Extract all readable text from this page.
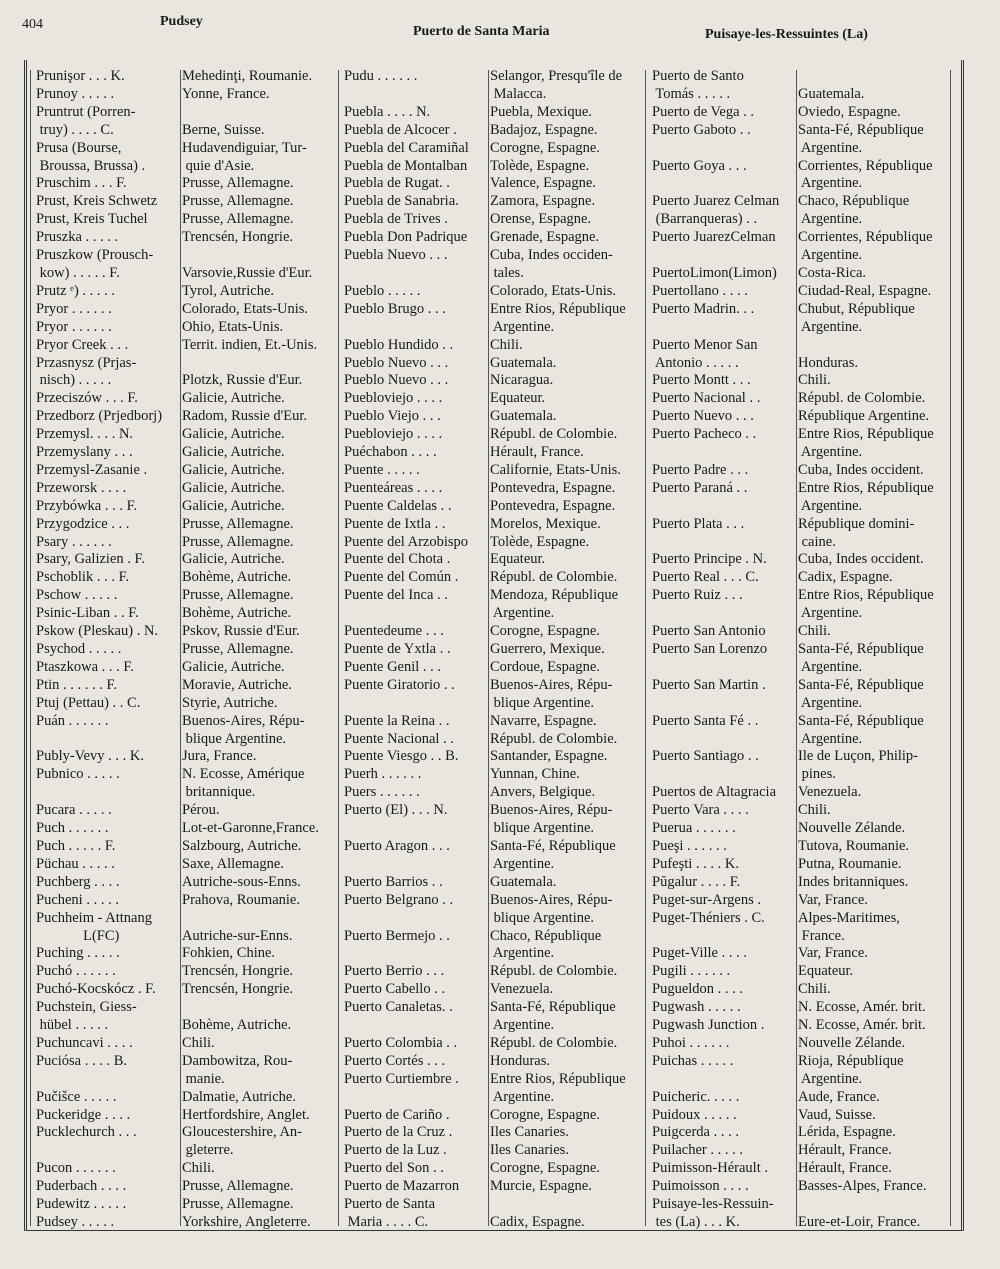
404	Pudsey
Puerto de Santa Maria	Puisaye-les-Ressuintes (La)
Prunişor . . . K.	Mehedinţi, Roumanie.
Prunoy . . . . .	Yonne, France.
Pruntrut (Porren-
truy) . . . . C.	Berne, Suisse.
Prusa (Bourse,	Hudavendiguiar, Tur-
Broussa, Brussa) .	quie d'Asie.
Pruschim . . . F.	Prusse, Allemagne.
Prust, Kreis Schwetz	Prusse, Allemagne.
Prust, Kreis Tuchel	Prusse, Allemagne.
Pruszka . . . . .	Trencsén, Hongrie.
Pruszkow (Prousch-
kow) . . . . . F.	Varsovie,Russie d'Eur.
Prutz ᵉ) . . . . .	Tyrol, Autriche.
Pryor . . . . . .	Colorado, Etats-Unis.
Pryor . . . . . .	Ohio, Etats-Unis.
Pryor Creek . . .	Territ. indien, Et.-Unis.
Przasnysz (Prjas-
nisch) . . . . .	Plotzk, Russie d'Eur.
Przeciszów . . . F.	Galicie, Autriche.
Przedborz (Prjedborj)	Radom, Russie d'Eur.
Przemysl. . . . N.	Galicie, Autriche.
Przemyslany . . .	Galicie, Autriche.
Przemysl-Zasanie .	Galicie, Autriche.
Przeworsk . . . .	Galicie, Autriche.
Przybówka . . . F.	Galicie, Autriche.
Przygodzice . . .	Prusse, Allemagne.
Psary . . . . . .	Prusse, Allemagne.
Psary, Galizien . F.	Galicie, Autriche.
Pschoblik . . . F.	Bohème, Autriche.
Pschow . . . . .	Prusse, Allemagne.
Psinic-Liban . . F.	Bohème, Autriche.
Pskow (Pleskau) . N.	Pskov, Russie d'Eur.
Psychod . . . . .	Prusse, Allemagne.
Ptaszkowa . . . F.	Galicie, Autriche.
Ptin . . . . . . F.	Moravie, Autriche.
Ptuj (Pettau) . . C.	Styrie, Autriche.
Puán . . . . . .	Buenos-Aires, Répu-
blique Argentine.
Publy-Vevy . . . K.	Jura, France.
Pubnico . . . . .	N. Ecosse, Amérique
britannique.
Pucara . . . . .	Pérou.
Puch . . . . . .	Lot-et-Garonne,France.
Puch . . . . . F.	Salzbourg, Autriche.
Püchau . . . . .	Saxe, Allemagne.
Puchberg . . . .	Autriche-sous-Enns.
Pucheni . . . . .	Prahova, Roumanie.
Puchheim - Attnang
L(FC)	Autriche-sur-Enns.
Puching . . . . .	Fohkien, Chine.
Puchó . . . . . .	Trencsén, Hongrie.
Puchó-Kocskócz . F.	Trencsén, Hongrie.
Puchstein, Giess-
hübel . . . . .	Bohème, Autriche.
Puchuncavi . . . .	Chili.
Puciósa . . . . B.	Dambowitza, Rou-
manie.
Pučišce . . . . .	Dalmatie, Autriche.
Puckeridge . . . .	Hertfordshire, Anglet.
Pucklechurch . . .	Gloucestershire, An-
gleterre.
Pucon . . . . . .	Chili.
Puderbach . . . .	Prusse, Allemagne.
Pudewitz . . . . .	Prusse, Allemagne.
Pudsey . . . . .	Yorkshire, Angleterre.
Pudu . . . . . .	Selangor, Presqu'île de
Malacca.
Puebla . . . . N.	Puebla, Mexique.
Puebla de Alcocer .	Badajoz, Espagne.
Puebla del Caramiñal	Corogne, Espagne.
Puebla de Montalban	Tolède, Espagne.
Puebla de Rugat. .	Valence, Espagne.
Puebla de Sanabria.	Zamora, Espagne.
Puebla de Trives .	Orense, Espagne.
Puebla Don Padrique	Grenade, Espagne.
Puebla Nuevo . . .	Cuba, Indes occiden-
tales.
Pueblo . . . . .	Colorado, Etats-Unis.
Pueblo Brugo . . .	Entre Rios, République
Argentine.
Pueblo Hundido . .	Chili.
Pueblo Nuevo . . .	Guatemala.
Pueblo Nuevo . . .	Nicaragua.
Puebloviejo . . . .	Equateur.
Pueblo Viejo . . .	Guatemala.
Puebloviejo . . . .	Républ. de Colombie.
Puéchabon . . . .	Hérault, France.
Puente . . . . .	Californie, Etats-Unis.
Puenteáreas . . . .	Pontevedra, Espagne.
Puente Caldelas . .	Pontevedra, Espagne.
Puente de Ixtla . .	Morelos, Mexique.
Puente del Arzobispo	Tolède, Espagne.
Puente del Chota .	Equateur.
Puente del Común .	Républ. de Colombie.
Puente del Inca . .	Mendoza, République
Argentine.
Puentedeume . . .	Corogne, Espagne.
Puente de Yxtla . .	Guerrero, Mexique.
Puente Genil . . .	Cordoue, Espagne.
Puente Giratorio . .	Buenos-Aires, Répu-
blique Argentine.
Puente la Reina . .	Navarre, Espagne.
Puente Nacional . .	Républ. de Colombie.
Puente Viesgo . . B.	Santander, Espagne.
Puerh . . . . . .	Yunnan, Chine.
Puers . . . . . .	Anvers, Belgique.
Puerto (El) . . . N.	Buenos-Aires, Répu-
blique Argentine.
Puerto Aragon . . .	Santa-Fé, République
Argentine.
Puerto Barrios . .	Guatemala.
Puerto Belgrano . .	Buenos-Aires, Répu-
blique Argentine.
Puerto Bermejo . .	Chaco, République
Argentine.
Puerto Berrio . . .	Républ. de Colombie.
Puerto Cabello . .	Venezuela.
Puerto Canaletas. .	Santa-Fé, République
Argentine.
Puerto Colombia . .	Républ. de Colombie.
Puerto Cortés . . .	Honduras.
Puerto Curtiembre .	Entre Rios, République
Argentine.
Puerto de Cariño .	Corogne, Espagne.
Puerto de la Cruz .	Iles Canaries.
Puerto de la Luz .	Iles Canaries.
Puerto del Son . .	Corogne, Espagne.
Puerto de Mazarron	Murcie, Espagne.
Puerto de Santa
Maria . . . . C.	Cadix, Espagne.
Puerto de Santo
Tomás . . . . .	Guatemala.
Puerto de Vega . .	Oviedo, Espagne.
Puerto Gaboto . .	Santa-Fé, République
Argentine.
Puerto Goya . . .	Corrientes, République
Argentine.
Puerto Juarez Celman	Chaco, République
(Barranqueras) . .	Argentine.
Puerto JuarezCelman	Corrientes, République
Argentine.
PuertoLimon(Limon)	Costa-Rica.
Puertollano . . . .	Ciudad-Real, Espagne.
Puerto Madrin. . .	Chubut, République
Argentine.
Puerto Menor San
Antonio . . . . .	Honduras.
Puerto Montt . . .	Chili.
Puerto Nacional . .	Républ. de Colombie.
Puerto Nuevo . . .	République Argentine.
Puerto Pacheco . .	Entre Rios, République
Argentine.
Puerto Padre . . .	Cuba, Indes occident.
Puerto Paraná . .	Entre Rios, République
Argentine.
Puerto Plata . . .	République domini-
caine.
Puerto Principe . N.	Cuba, Indes occident.
Puerto Real . . . C.	Cadix, Espagne.
Puerto Ruiz . . .	Entre Rios, République
Argentine.
Puerto San Antonio	Chili.
Puerto San Lorenzo	Santa-Fé, République
Argentine.
Puerto San Martin .	Santa-Fé, République
Argentine.
Puerto Santa Fé . .	Santa-Fé, République
Argentine.
Puerto Santiago . .	Ile de Luçon, Philip-
pines.
Puertos de Altagracia	Venezuela.
Puerto Vara . . . .	Chili.
Puerua . . . . . .	Nouvelle Zélande.
Pueşi . . . . . .	Tutova, Roumanie.
Pufeşti . . . . K.	Putna, Roumanie.
Pŭgalur . . . . F.	Indes britanniques.
Puget-sur-Argens .	Var, France.
Puget-Théniers . C.	Alpes-Maritimes,
France.
Puget-Ville . . . .	Var, France.
Pugili . . . . . .	Equateur.
Pugueldon . . . .	Chili.
Pugwash . . . . .	N. Ecosse, Amér. brit.
Pugwash Junction .	N. Ecosse, Amér. brit.
Puhoi . . . . . .	Nouvelle Zélande.
Puichas . . . . .	Rioja, République
Argentine.
Puicheric. . . . .	Aude, France.
Puidoux . . . . .	Vaud, Suisse.
Puigcerda . . . .	Lérida, Espagne.
Puilacher . . . . .	Hérault, France.
Puimisson-Hérault .	Hérault, France.
Puimoisson . . . .	Basses-Alpes, France.
Puisaye-les-Ressuin-
tes (La) . . . K.	Eure-et-Loir, France.
